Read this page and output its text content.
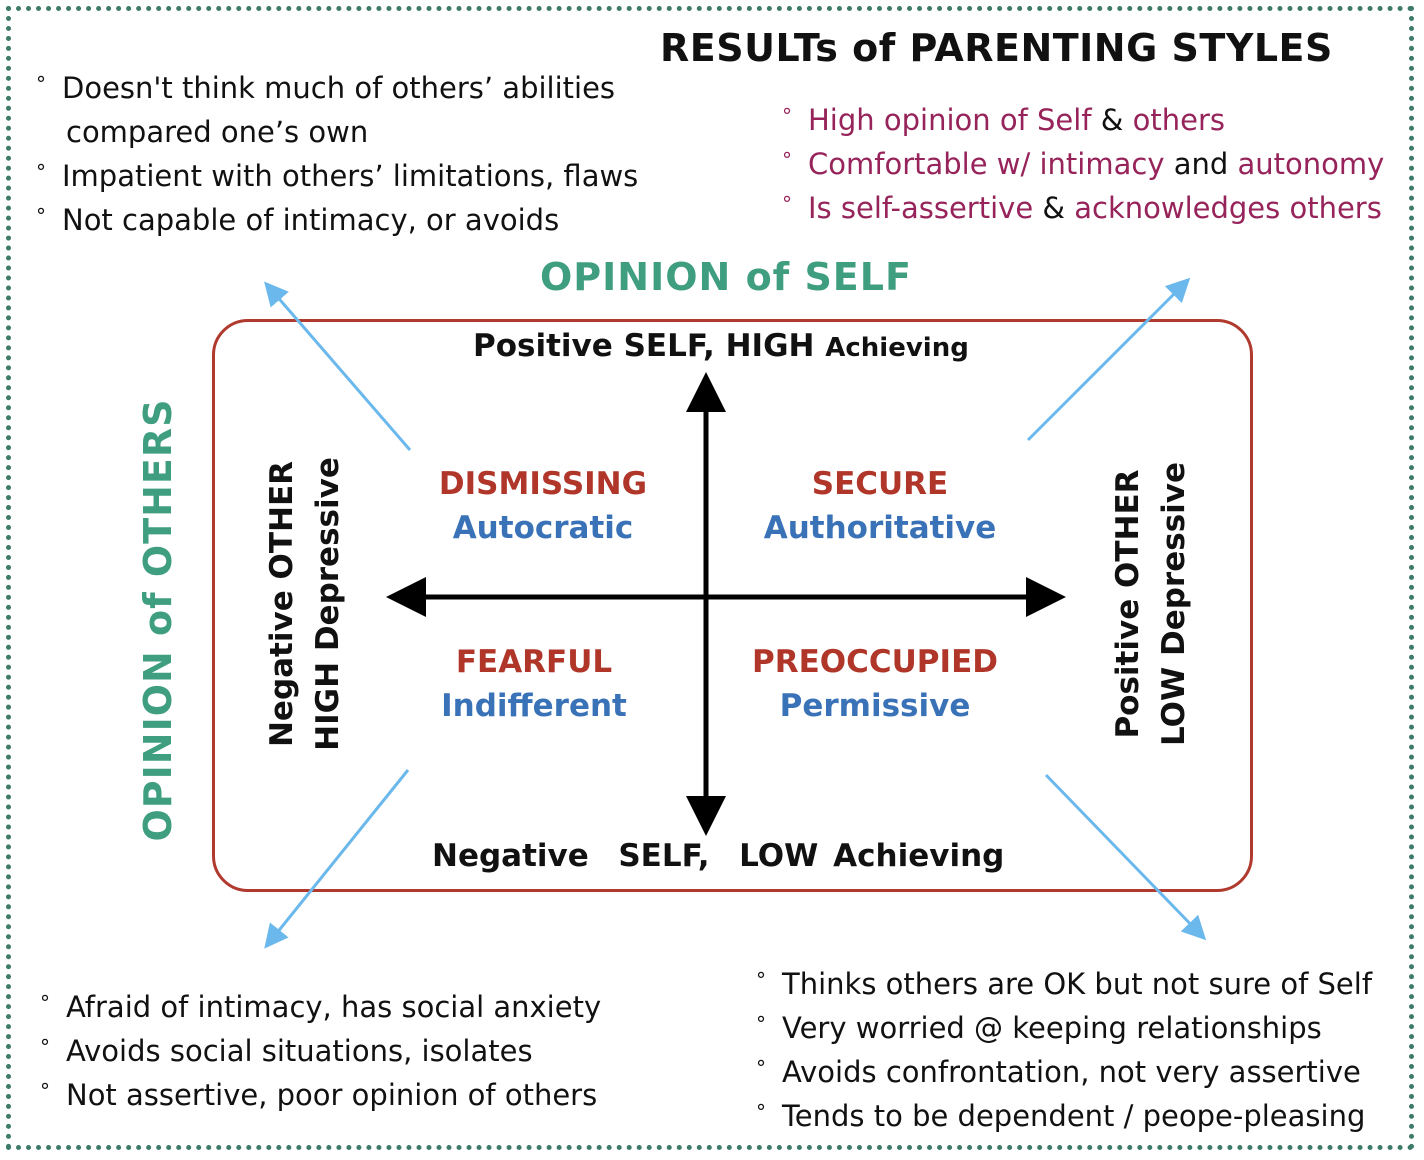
RESULTs of PARENTING STYLES
° Doesn't think much of others’ abilities
compared one’s own
° Impatient with others’ limitations, flaws
° Not capable of intimacy, or avoids
° High opinion of Self & others
° Comfortable w/ intimacy and autonomy
° Is self-assertive & acknowledges others
OPINION of SELF
OPINION of OTHERS
Positive SELF, HIGH Achieving
Negative  SELF,  LOW Achieving
Negative OTHER HIGH Depressive	Positive OTHER LOW Depressive
DISMISSING
Autocratic
SECURE
Authoritative
FEARFUL
Indifferent
PREOCCUPIED
Permissive
° Afraid of intimacy, has social anxiety
° Avoids social situations, isolates
° Not assertive, poor opinion of others
° Thinks others are OK but not sure of Self
° Very worried @ keeping relationships
° Avoids confrontation, not very assertive
° Tends to be dependent / peope-pleasing
